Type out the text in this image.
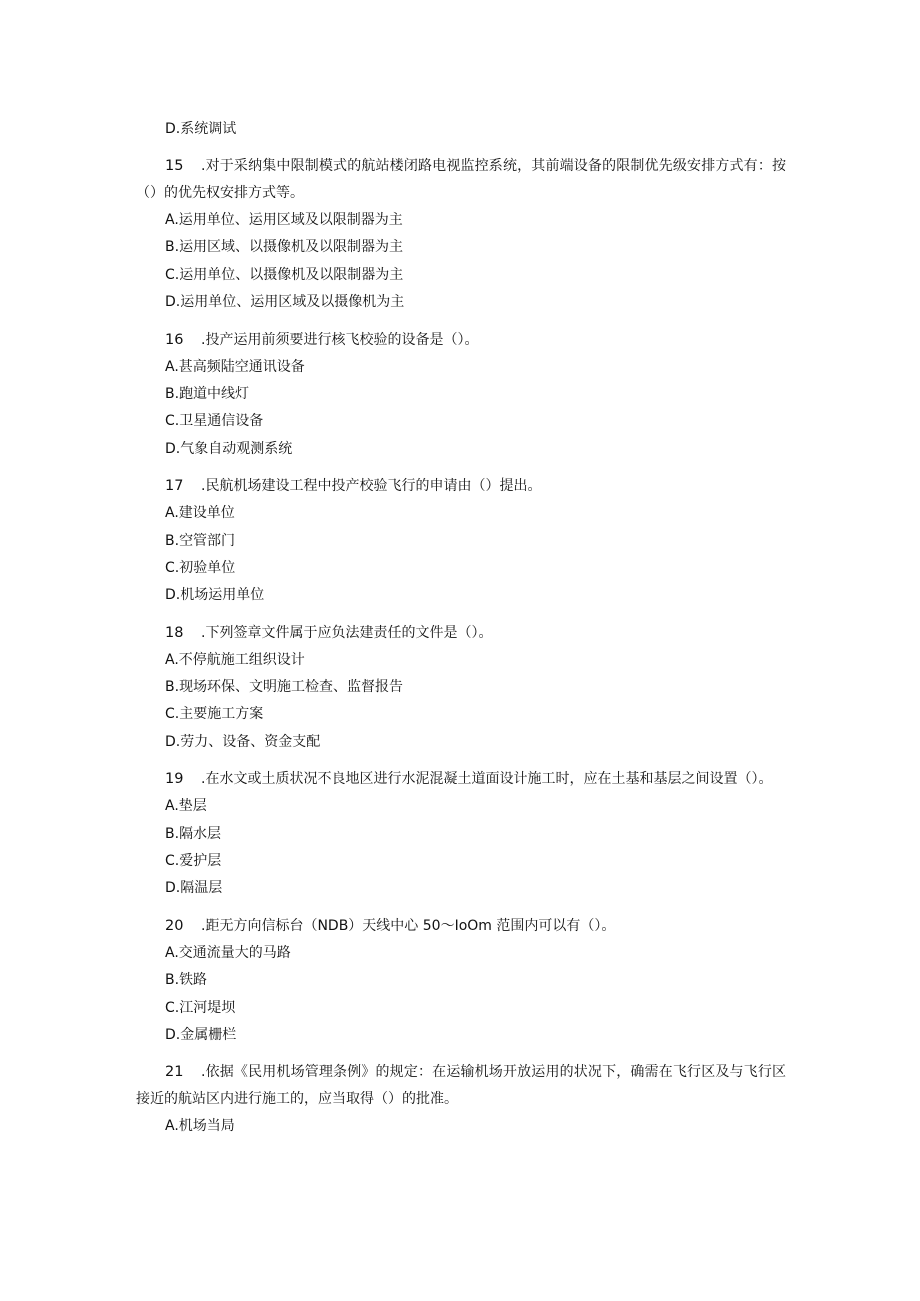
D.系统调试
15 .对于采纳集中限制模式的航站楼闭路电视监控系统，其前端设备的限制优先级安排方式有：按（）的优先权安排方式等。
A.运用单位、运用区域及以限制器为主
B.运用区域、以摄像机及以限制器为主
C.运用单位、以摄像机及以限制器为主
D.运用单位、运用区域及以摄像机为主
16 .投产运用前须要进行核飞校验的设备是（）。
A.甚高频陆空通讯设备
B.跑道中线灯
C.卫星通信设备
D.气象自动观测系统
17 .民航机场建设工程中投产校验飞行的申请由（）提出。
A.建设单位
B.空管部门
C.初验单位
D.机场运用单位
18 .下列签章文件属于应负法建责任的文件是（）。
A.不停航施工组织设计
B.现场环保、文明施工检查、监督报告
C.主要施工方案
D.劳力、设备、资金支配
19 .在水文或土质状况不良地区进行水泥混凝土道面设计施工时，应在土基和基层之间设置（）。
A.垫层
B.隔水层
C.爱护层
D.隔温层
20 .距无方向信标台（NDB）天线中心 50～IoOm 范围内可以有（）。
A.交通流量大的马路
B.铁路
C.江河堤坝
D.金属栅栏
21 .依据《民用机场管理条例》的规定：在运输机场开放运用的状况下，确需在飞行区及与飞行区接近的航站区内进行施工的，应当取得（）的批准。
A.机场当局
